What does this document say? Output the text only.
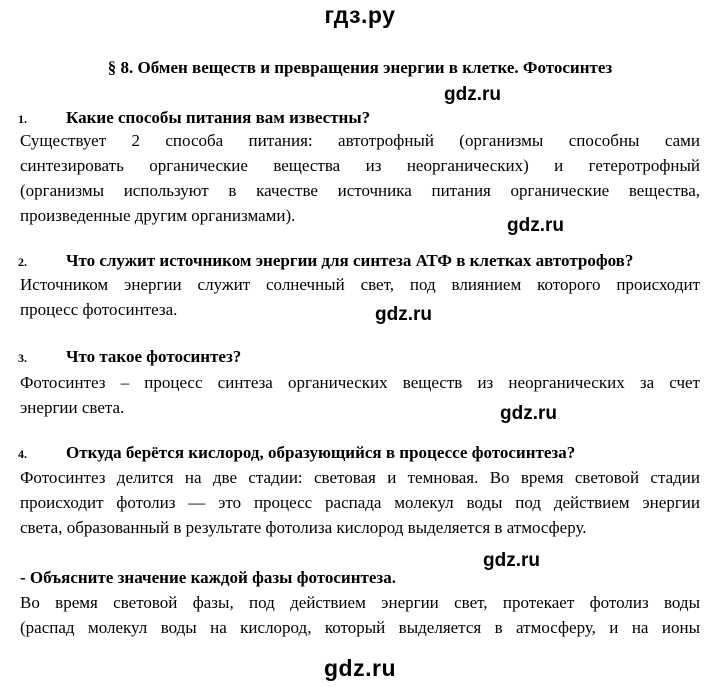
гдз.ру
§ 8. Обмен веществ и превращения энергии в клетке. Фотосинтез
gdz.ru
1. Какие способы питания вам известны?
Существует 2 способа питания: автотрофный (организмы способны сами
синтезировать органические вещества из неорганических) и гетеротрофный
(организмы используют в качестве источника питания органические вещества,
произведенные другим организмами).	gdz.ru
2. Что служит источником энергии для синтеза АТФ в клетках автотрофов?
Источником энергии служит солнечный свет, под влиянием которого происходит
процесс фотосинтеза.	gdz.ru
3. Что такое фотосинтез?
Фотосинтез – процесс синтеза органических веществ из неорганических за счет
энергии света.	gdz.ru
4. Откуда берётся кислород, образующийся в процессе фотосинтеза?
Фотосинтез делится на две стадии: световая и темновая. Во время световой стадии
происходит фотолиз — это процесс распада молекул воды под действием энергии
света, образованный в результате фотолиза кислород выделяется в атмосферу.
gdz.ru
- Объясните значение каждой фазы фотосинтеза.
Во время световой фазы, под действием энергии свет, протекает фотолиз воды
(распад молекул воды на кислород, который выделяется в атмосферу, и на ионы
gdz.ru
